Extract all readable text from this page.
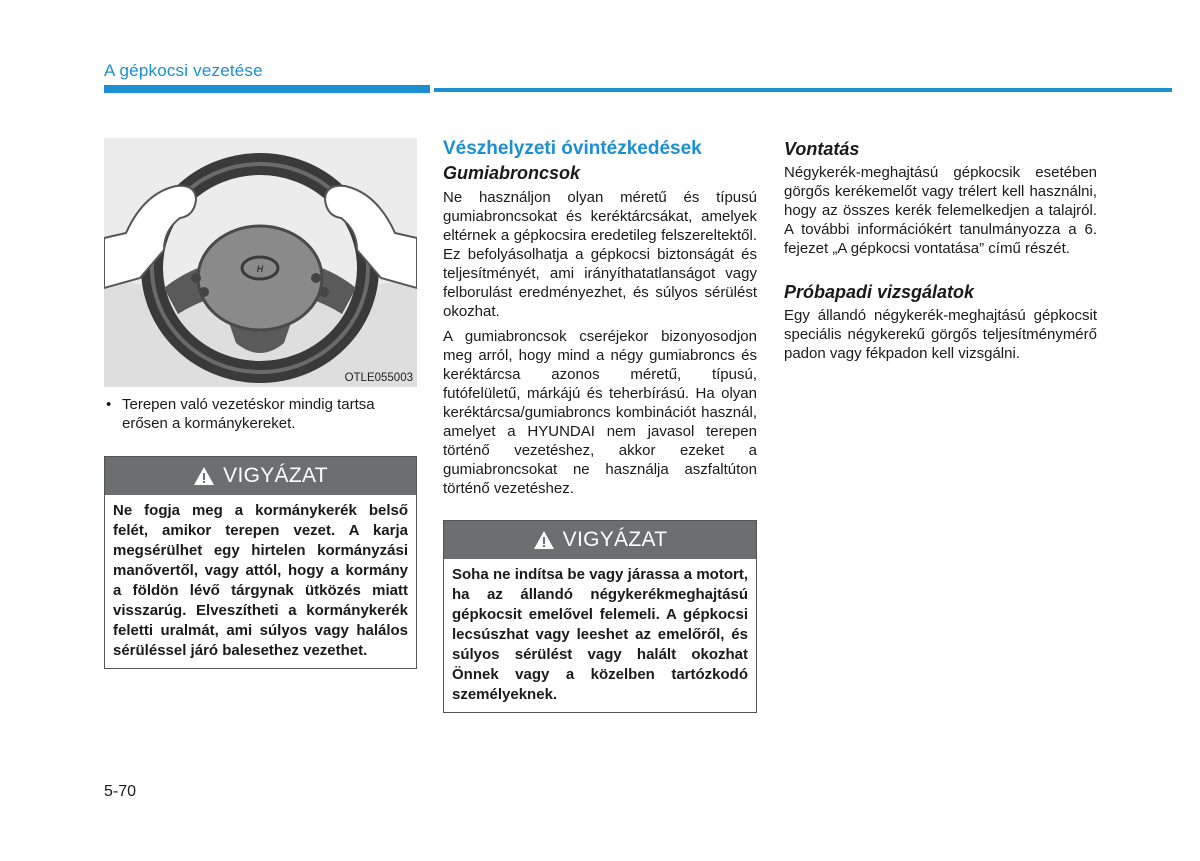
A gépkocsi vezetése
H
OTLE055003
• Terepen való vezetéskor mindig tartsa erősen a kormánykereket.
VIGYÁZAT
Ne fogja meg a kormánykerék belső felét, amikor terepen vezet. A karja megsérülhet egy hirtelen kormányzási manővertől, vagy attól, hogy a kormány a földön lévő tárgynak ütközés miatt visszarúg. Elveszítheti a kormánykerék feletti uralmát, ami súlyos vagy halálos sérüléssel járó balesethez vezethet.
Vészhelyzeti óvintézkedések
Gumiabroncsok

Ne használjon olyan méretű és típusú gumiabroncsokat és keréktárcsákat, amelyek eltérnek a gépkocsira eredetileg felszereltektől. Ez befolyásolhatja a gépkocsi biztonságát és teljesítményét, ami irányíthatatlanságot vagy felborulást eredményezhet, és súlyos sérülést okozhat.

A gumiabroncsok cseréjekor bizonyosodjon meg arról, hogy mind a négy gumiabroncs és keréktárcsa azonos méretű, típusú, futófelületű, márkájú és teherbírású. Ha olyan keréktárcsa/gumiabroncs kombinációt használ, amelyet a HYUNDAI nem javasol terepen történő vezetéshez, akkor ezeket a gumiabroncsokat ne használja aszfaltúton történő vezetéshez.

VIGYÁZAT
Soha ne indítsa be vagy járassa a motort, ha az állandó négykerékmeghajtású gépkocsit emelővel felemeli. A gépkocsi lecsúszhat vagy leeshet az emelőről, és súlyos sérülést vagy halált okozhat Önnek vagy a közelben tartózkodó személyeknek.
Vontatás

Négykerék-meghajtású gépkocsik esetében görgős kerékemelőt vagy trélert kell használni, hogy az összes kerék felemelkedjen a talajról. A további információkért tanulmányozza a 6. fejezet „A gépkocsi vontatása” című részét.

Próbapadi vizsgálatok

Egy állandó négykerék-meghajtású gépkocsit speciális négykerekű görgős teljesítménymérő padon vagy fékpadon kell vizsgálni.

5-70
